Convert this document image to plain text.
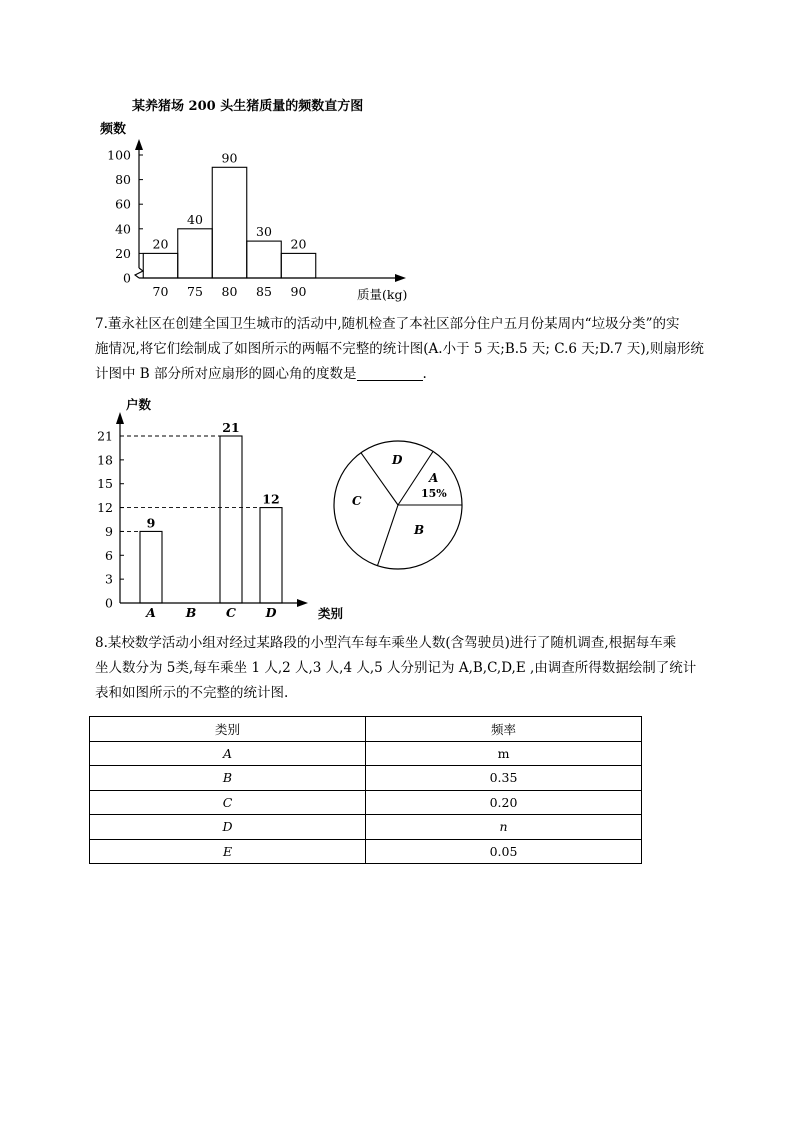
某养猪场 200 头生猪质量的频数直方图
频数
20
40
90
30
20
0
20
40
60
80
100
70 75 80 85 90	质量(kg)
7.董永社区在创建全国卫生城市的活动中,随机检查了本社区部分住户五月份某周内“垃圾分类”的实
施情况,将它们绘制成了如图所示的两幅不完整的统计图(A.小于 5 天;B.5 天; C.6 天;D.7 天),则扇形统
计图中 B 部分所对应扇形的圆心角的度数是	.
户数
9
21
12
0
3
6
9
12
15
18
21
A B C D	类别
D
A
15%
C
B
8.某校数学活动小组对经过某路段的小型汽车每车乘坐人数(含驾驶员)进行了随机调查,根据每车乘
坐人数分为 5类,每车乘坐 1 人,2 人,3 人,4 人,5 人分别记为 A,B,C,D,E ,由调查所得数据绘制了统计
表和如图所示的不完整的统计图.
类别	频率
A	m
B	0.35
C	0.20
D	n
E	0.05
